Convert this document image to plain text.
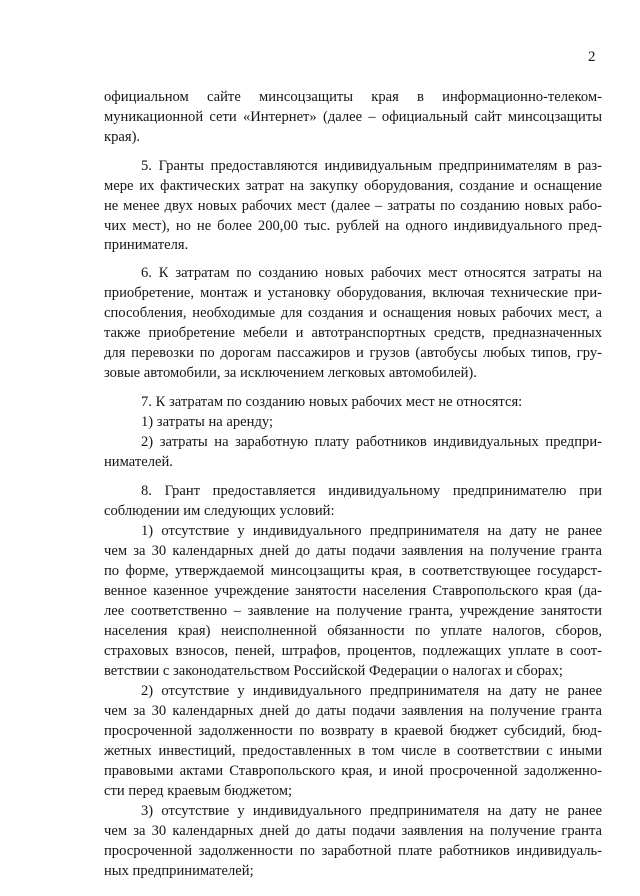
2
официальном сайте минсоцзащиты края в информационно-телеком-
муникационной сети «Интернет» (далее – официальный сайт минсоцзащиты
края).
5. Гранты предоставляются индивидуальным предпринимателям в раз-
мере их фактических затрат на закупку оборудования, создание и оснащение
не менее двух новых рабочих мест (далее – затраты по созданию новых рабо-
чих мест), но не более 200,00 тыс. рублей на одного индивидуального пред-
принимателя.
6. К затратам по созданию новых рабочих мест относятся затраты на
приобретение, монтаж и установку оборудования, включая технические при-
способления, необходимые для создания и оснащения новых рабочих мест, а
также приобретение мебели и автотранспортных средств, предназначенных
для перевозки по дорогам пассажиров и грузов (автобусы любых типов, гру-
зовые автомобили, за исключением легковых автомобилей).
7. К затратам по созданию новых рабочих мест не относятся:
1) затраты на аренду;
2) затраты на заработную плату работников индивидуальных предпри-
нимателей.
8. Грант предоставляется индивидуальному предпринимателю при
соблюдении им следующих условий:
1) отсутствие у индивидуального предпринимателя на дату не ранее
чем за 30 календарных дней до даты подачи заявления на получение гранта
по форме, утверждаемой минсоцзащиты края, в соответствующее государст-
венное казенное учреждение занятости населения Ставропольского края (да-
лее соответственно – заявление на получение гранта, учреждение занятости
населения края) неисполненной обязанности по уплате налогов, сборов,
страховых взносов, пеней, штрафов, процентов, подлежащих уплате в соот-
ветствии с законодательством Российской Федерации о налогах и сборах;
2) отсутствие у индивидуального предпринимателя на дату не ранее
чем за 30 календарных дней до даты подачи заявления на получение гранта
просроченной задолженности по возврату в краевой бюджет субсидий, бюд-
жетных инвестиций, предоставленных в том числе в соответствии с иными
правовыми актами Ставропольского края, и иной просроченной задолженно-
сти перед краевым бюджетом;
3) отсутствие у индивидуального предпринимателя на дату не ранее
чем за 30 календарных дней до даты подачи заявления на получение гранта
просроченной задолженности по заработной плате работников индивидуаль-
ных предпринимателей;
